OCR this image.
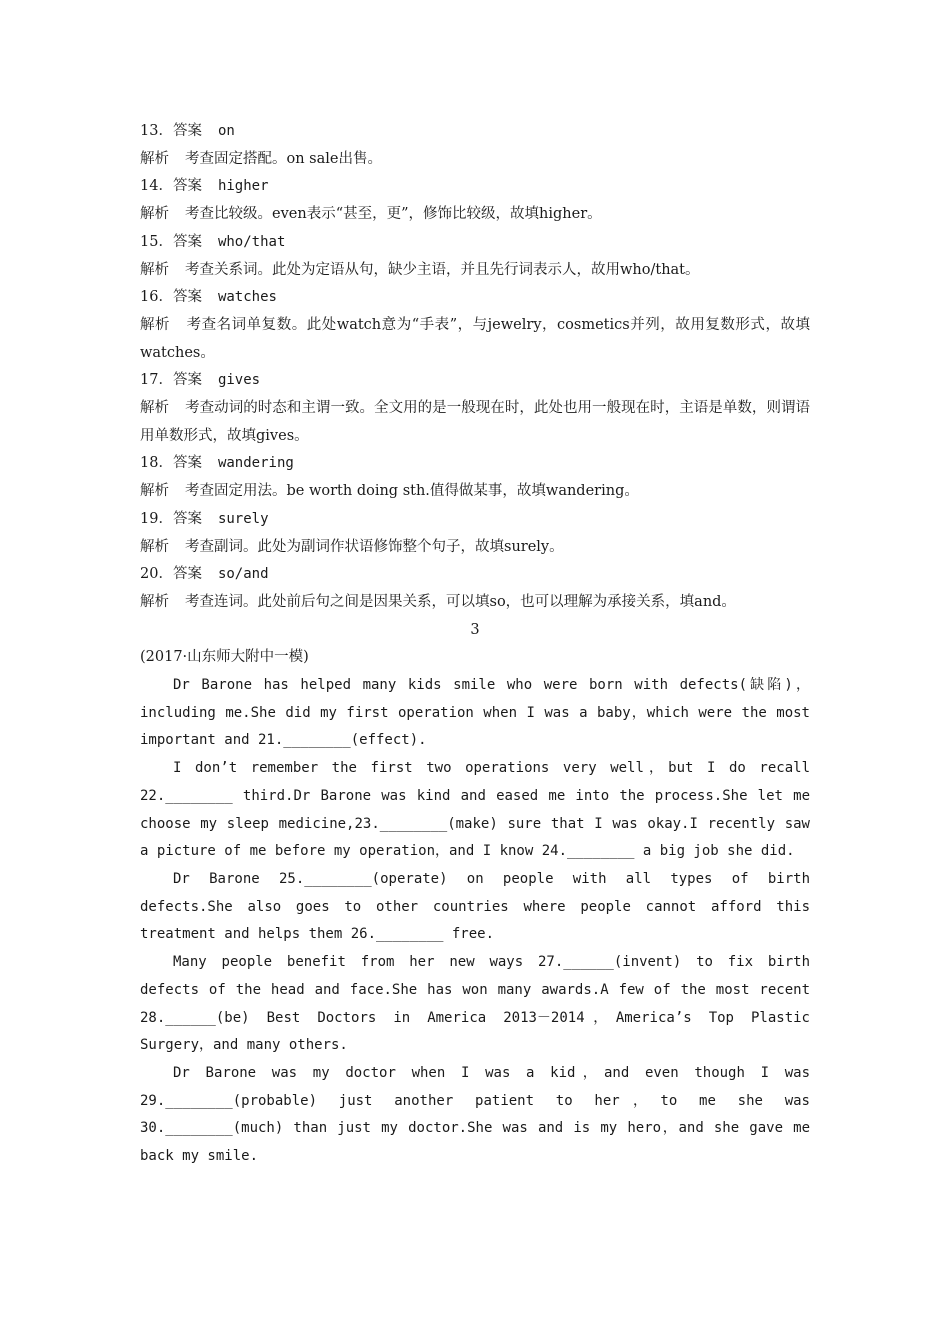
13．答案 on

解析 考查固定搭配。on sale出售。

14．答案 higher

解析 考查比较级。even表示“甚至，更”，修饰比较级，故填higher。

15．答案 who/that

解析 考查关系词。此处为定语从句，缺少主语，并且先行词表示人，故用who/that。

16．答案 watches

解析 考查名词单复数。此处watch意为“手表”，与jewelry，cosmetics并列，故用复数形式，故填watches。

17．答案 gives

解析 考查动词的时态和主谓一致。全文用的是一般现在时，此处也用一般现在时，主语是单数，则谓语用单数形式，故填gives。

18．答案 wandering

解析 考查固定用法。be worth doing sth.值得做某事，故填wandering。

19．答案 surely

解析 考查副词。此处为副词作状语修饰整个句子，故填surely。

20．答案 so/and

解析 考查连词。此处前后句之间是因果关系，可以填so，也可以理解为承接关系，填and。

3

(2017·山东师大附中一模)

Dr Barone has helped many kids smile who were born with defects(缺陷)，including me.She did my first operation when I was a baby，which were the most important and 21.________(effect).

I don’t remember the first two operations very well，but I do recall 22.________ third.Dr Barone was kind and eased me into the process.She let me choose my sleep medicine,23.________(make) sure that I was okay.I recently saw a picture of me before my operation，and I know 24.________ a big job she did.

Dr Barone 25.________(operate) on people with all types of birth defects.She also goes to other countries where people cannot afford this treatment and helps them 26.________ free.

Many people benefit from her new ways 27.______(invent) to fix birth defects of the head and face.She has won many awards.A few of the most recent 28.______(be) Best Doctors in America 2013－2014，America’s Top Plastic Surgery，and many others.

Dr Barone was my doctor when I was a kid，and even though I was 29.________(probable) just another patient to her，to me she was 30.________(much) than just my doctor.She was and is my hero，and she gave me back my smile.
